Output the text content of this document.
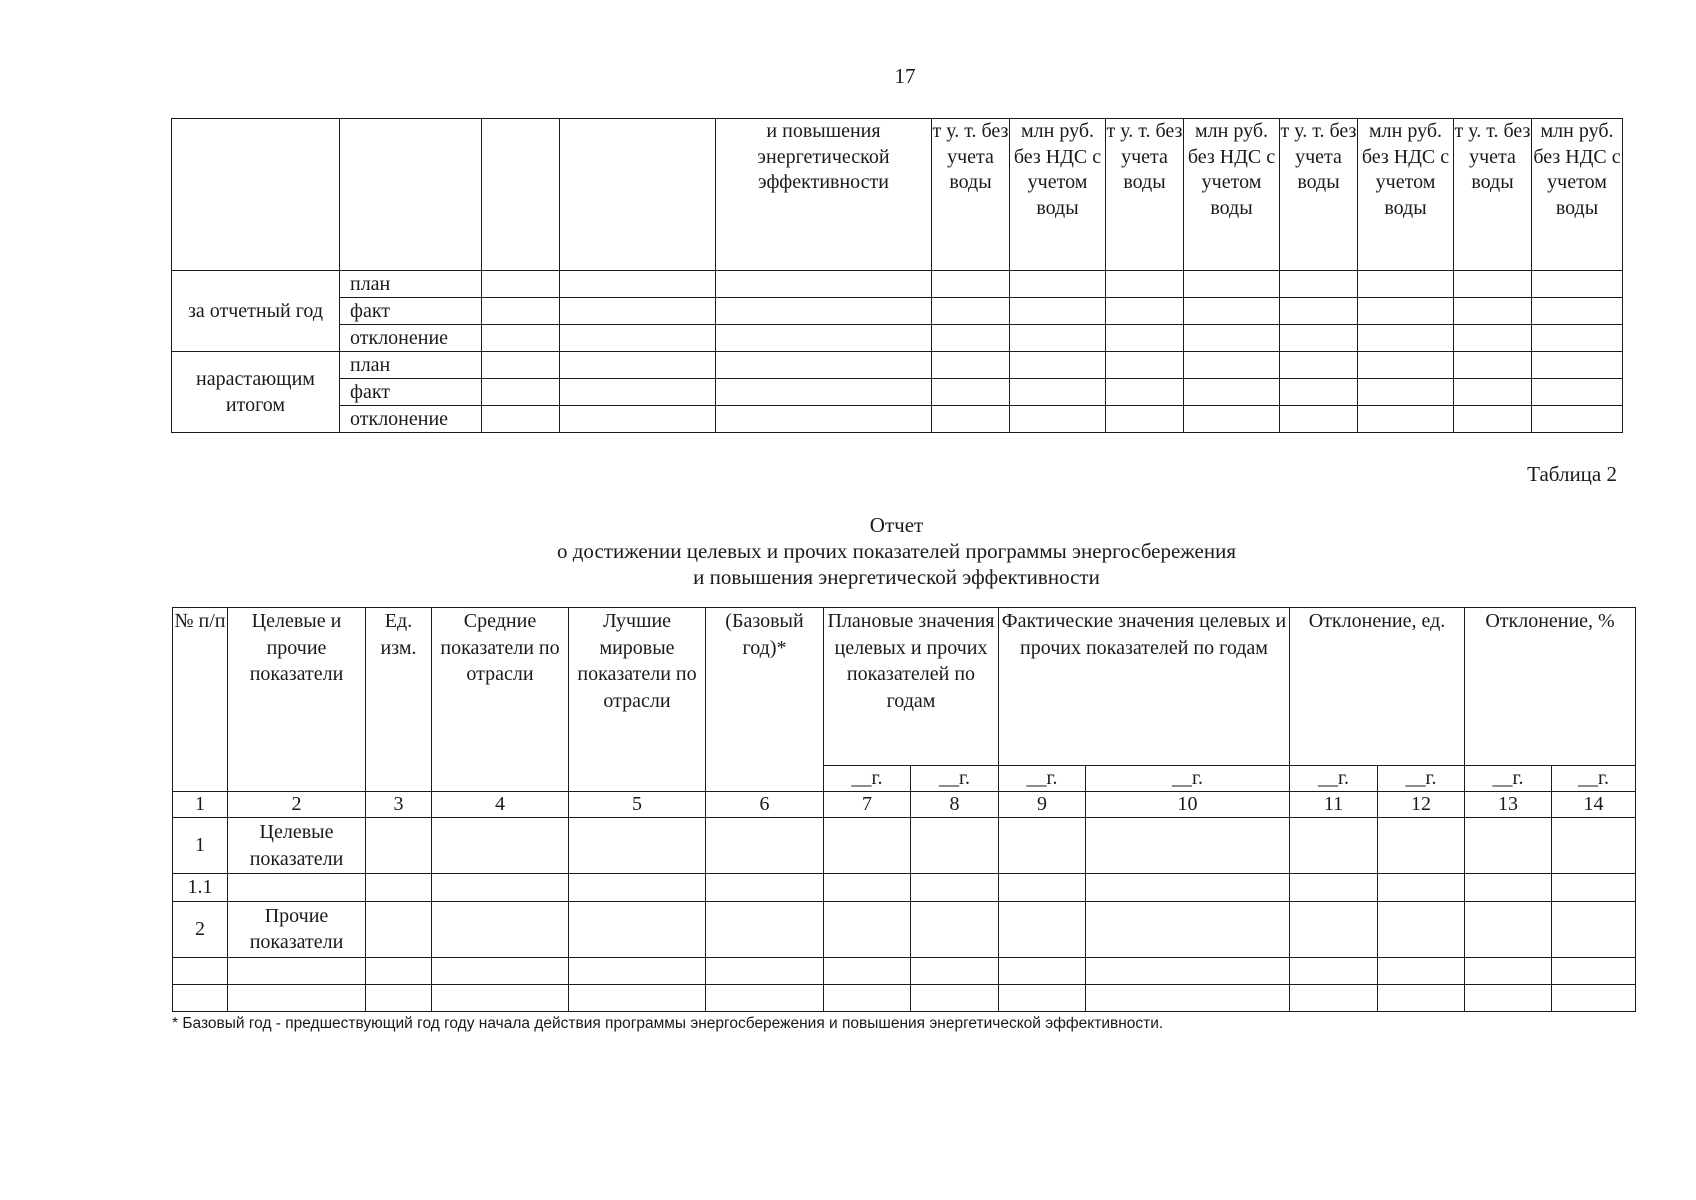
17
				и повышения энергетической эффективности	т у. т. без учета воды	млн руб. без НДС с учетом воды	т у. т. без учета воды	млн руб. без НДС с учетом воды	т у. т. без учета воды	млн руб. без НДС с учетом воды	т у. т. без учета воды	млн руб. без НДС с учетом воды
за отчетный год	план											
	факт											
	отклонение											
нарастающим итогом	план											
	факт											
	отклонение											
Таблица 2
Отчет
о достижении целевых и прочих показателей программы энергосбережения
и повышения энергетической эффективности
№ п/п	Целевые и прочие показатели	Ед. изм.	Средние показатели по отрасли	Лучшие мировые показатели по отрасли	(Базовый год)*	Плановые значения целевых и прочих показателей по годам		Фактические значения целевых и прочих показателей по годам		Отклонение, ед.		Отклонение, %	
						__г.	__г.	__г.	__г.	__г.	__г.	__г.	__г.
1	2	3	4	5	6	7	8	9	10	11	12	13	14
1	Целевые показатели												
1.1													
2	Прочие показатели												

* Базовый год - предшествующий год году начала действия программы энергосбережения и повышения энергетической эффективности.
